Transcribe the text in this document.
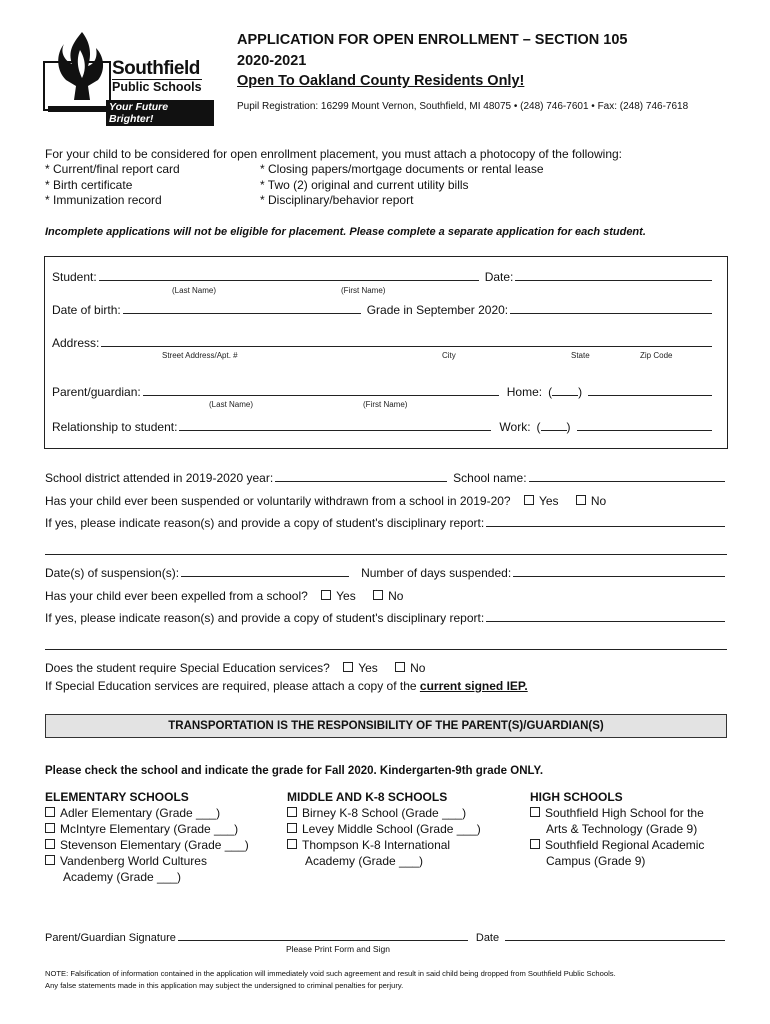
Southfield
Public Schools
Your Future Brighter!
APPLICATION FOR OPEN ENROLLMENT – SECTION 105
2020-2021
Open To Oakland County Residents Only!
Pupil Registration: 16299 Mount Vernon, Southfield, MI 48075 • (248) 746-7601 • Fax: (248) 746-7618
For your child to be considered for open enrollment placement, you must attach a photocopy of the following:
* Current/final report card
* Birth certificate
* Immunization record
* Closing papers/mortgage documents or rental lease
* Two (2) original and current utility bills
* Disciplinary/behavior report
Incomplete applications will not be eligible for placement. Please complete a separate application for each student.
Student:	Date:
(Last Name)	(First Name)
Date of birth:	Grade in September 2020:
Address:
Street Address/Apt. #	City	State	Zip Code
Parent/guardian:	Home: ( )
(Last Name)	(First Name)
Relationship to student:	Work: ( )
School district attended in 2019-2020 year:	School name:
Has your child ever been suspended or voluntarily withdrawn from a school in 2019-20? Yes	No
If yes, please indicate reason(s) and provide a copy of student's disciplinary report:
Date(s) of suspension(s):	Number of days suspended:
Has your child ever been expelled from a school? Yes	No
If yes, please indicate reason(s) and provide a copy of student's disciplinary report:
Does the student require Special Education services? Yes	No
If Special Education services are required, please attach a copy of the current signed IEP.
TRANSPORTATION IS THE RESPONSIBILITY OF THE PARENT(S)/GUARDIAN(S)
Please check the school and indicate the grade for Fall 2020. Kindergarten-9th grade ONLY.
ELEMENTARY SCHOOLS
Adler Elementary (Grade ___)
McIntyre Elementary (Grade ___)
Stevenson Elementary (Grade ___)
Vandenberg World Cultures
Academy (Grade ___)
MIDDLE AND K-8 SCHOOLS
Birney K-8 School (Grade ___)
Levey Middle School (Grade ___)
Thompson K-8 International
Academy (Grade ___)
HIGH SCHOOLS
Southfield High School for the
Arts & Technology (Grade 9)
Southfield Regional Academic
Campus (Grade 9)
Parent/Guardian Signature	Date
Please Print Form and Sign
NOTE: Falsification of information contained in the application will immediately void such agreement and result in said child being dropped from Southfield Public Schools.
Any false statements made in this application may subject the undersigned to criminal penalties for perjury.
